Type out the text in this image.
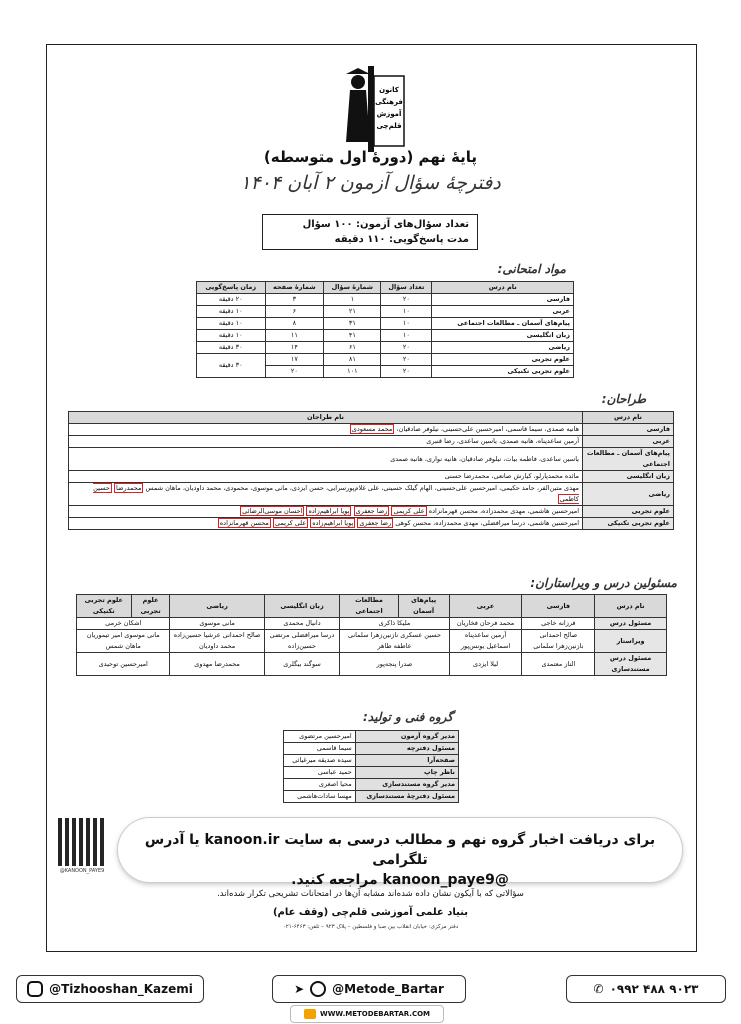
کانون
فرهنگی
آموزش
قلم‌چی
پایهٔ نهم (دورهٔ اول متوسطه)
دفترچهٔ سؤال آزمون ۲ آبان ۱۴۰۴
تعداد سؤال‌های آزمون: ۱۰۰ سؤال
مدت پاسخ‌گویی: ۱۱۰ دقیقه
مواد امتحانی:
نام درس	تعداد سؤال	شمارهٔ سؤال	شمارهٔ صفحه	زمان پاسخ‌گویی
فارسی	۲۰	۱	۳	۲۰ دقیقه
عربی	۱۰	۲۱	۶	۱۰ دقیقه
پیام‌های آسمان ـ مطالعات اجتماعی	۱۰	۳۱	۸	۱۰ دقیقه
زبان انگلیسی	۱۰	۴۱	۱۱	۱۰ دقیقه
ریاضی	۲۰	۶۱	۱۴	۳۰ دقیقه
علوم تجربی	۲۰	۸۱	۱۷	۳۰ دقیقه
علوم تجربی تکنیکی	۲۰	۱۰۱	۲۰	
طراحان:
نام درس	نام طراحان
فارسی	هانیه صمدی، سیما قاسمی، امیرحسین علی‌حسینی، نیلوفر صادقیان، محمد مسعودی
عربی	آرمین ساعدپناه، هانیه صمدی، یاسین ساعدی، رضا قنبری
پیام‌های آسمان ـ مطالعات اجتماعی	یاسین ساعدی، فاطمه بیات، نیلوفر صادقیان، هانیه نواری، هانیه صمدی
زبان انگلیسی	مائده محمدپارلو، کیارش صانعی، محمدرضا حسنی
ریاضی	مهدی متین‌الفر، حامد حکیمی، امیرحسین علی‌حسینی، الهام گیلک حسینی، علی غلام‌پورسرایی، حسن ایزدی، مانی موسوی، محمودی، محمد داودیان، ماهان شمس محمدرضا حسین کاظمی
علوم تجربی	امیرحسین هاشمی، مهدی محمدزاده، محسن قهرمانزاده علی کریمی رضا جعفری پویا ابراهیم‌زاده احسان موسی‌الرضائی
علوم تجربی تکنیکی	امیرحسین هاشمی، درسا میرافضلی، مهدی محمدزاده، محسن کوهی رضا جعفری پویا ابراهیم‌زاده علی کریمی محسن قهرمانزاده
مسئولین درس و ویراستاران:
نام درس	فارسی	عربی	پیام‌های آسمان	مطالعات اجتماعی	زبان انگلیسی	ریاضی	علوم تجربی	علوم تجربی تکنیکی
مسئول درس	فرزانه خاجی	محمد فرحان فخاریان	ملیکا ذاکری		دانیال محمدی	مانی موسوی	اشکان خرمی	
ویراستار	صالح احمدانی نازنین‌زهرا سلمانی	آرمین ساعدپناه اسماعیل یونس‌پور	حسین عسکری نازنین‌زهرا سلمانی عاطفه طاهر		درسا میرافضلی مرتضی حسین‌زاده	صالح احمدانی عرشیا حسین‌زاده محمد داودیان	مانی موسوی امیر تیموریان ماهان شمس	
مسئول درس مستندسازی	الناز معتمدی	لیلا ایزدی	صدرا پنجه‌پور		سوگند بیگلری	محمدرضا مهدوی	امیرحسین توحیدی	
گروه فنی و تولید:
مدیر گروه آزمون	امیرحسین مرتضوی
مسئول دفترچه	سیما قاسمی
صفحه‌آرا	سیده صدیقه میرغیاثی
ناظر چاپ	حمید عباسی
مدیر گروه مستندسازی	محیا اصغری
مسئول دفترچهٔ مستندسازی	مهسا سادات‌هاشمی
@KANOON_PAYE9
برای دریافت اخبار گروه نهم و مطالب درسی به سایت kanoon.ir یا آدرس تلگرامی
@kanoon_paye9 مراجعه کنید.
سؤالاتی که با آیکون نشان داده شده‌اند مشابه آن‌ها در امتحانات تشریحی تکرار شده‌اند.
بنیاد علمی آموزشی قلم‌چی (وقف عام)
دفتر مرکزی: خیابان انقلاب بین صبا و فلسطین – پلاک ۹۲۳ – تلفن: ۶۴۶۳-۰۲۱
@Tizhooshan_Kazemi	➤ @Metode_Bartar	✆ ۰۹۹۲ ۴۸۸ ۹۰۲۳
WWW.METODEBARTAR.COM
